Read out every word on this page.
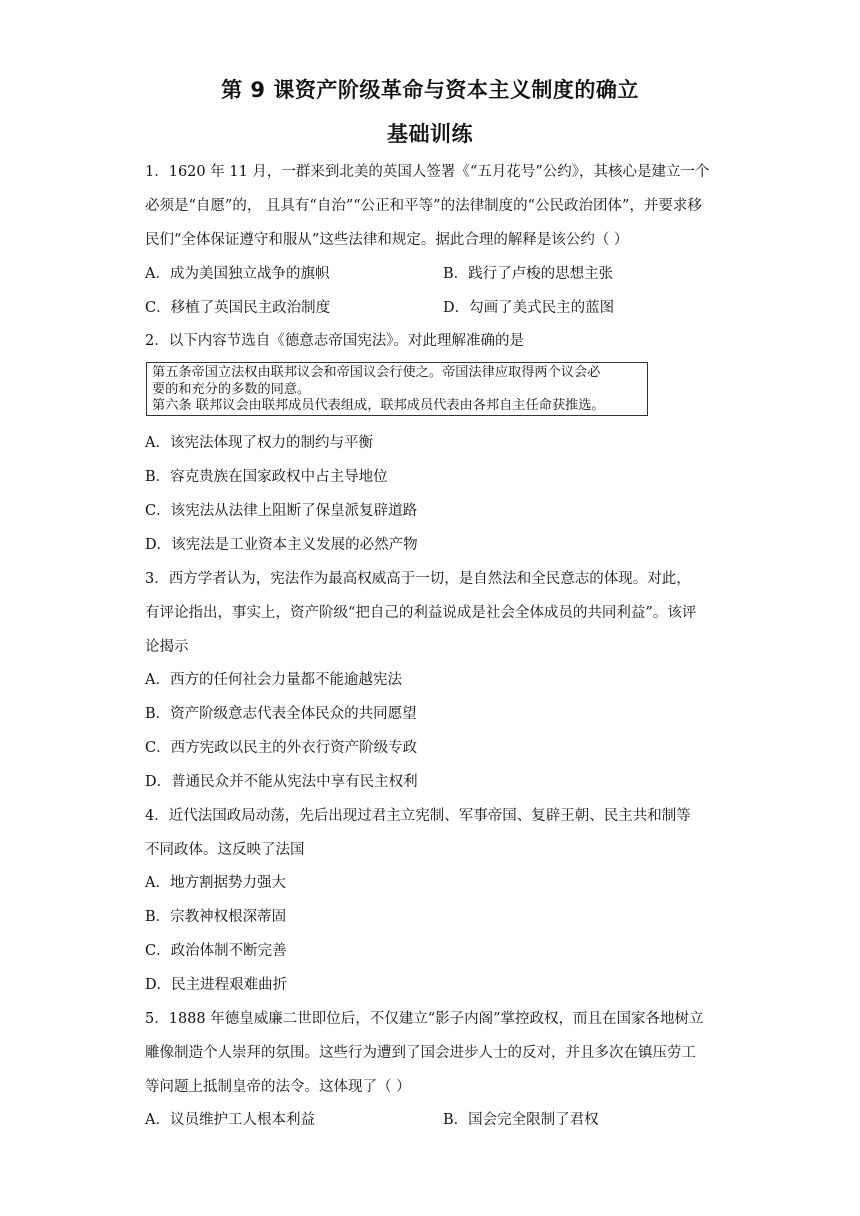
第 9 课资产阶级革命与资本主义制度的确立
基础训练
1．1620 年 11 月，一群来到北美的英国人签署《“五月花号”公约》，其核心是建立一个
必须是“自愿”的， 且具有“自治”“公正和平等”的法律制度的“公民政治团体”，并要求移
民们“全体保证遵守和服从”这些法律和规定。据此合理的解释是该公约（ ）
A．成为美国独立战争的旗帜	B．践行了卢梭的思想主张
C．移植了英国民主政治制度	D．勾画了美式民主的蓝图
2．以下内容节选自《德意志帝国宪法》。对此理解准确的是
第五条帝国立法权由联邦议会和帝国议会行使之。帝国法律应取得两个议会必
要的和充分的多数的同意。
第六条 联邦议会由联邦成员代表组成，联邦成员代表由各邦自主任命获推选。
A．该宪法体现了权力的制约与平衡
B．容克贵族在国家政权中占主导地位
C．该宪法从法律上阻断了保皇派复辟道路
D．该宪法是工业资本主义发展的必然产物
3．西方学者认为，宪法作为最高权威高于一切，是自然法和全民意志的体现。对此，
有评论指出，事实上，资产阶级“把自己的利益说成是社会全体成员的共同利益”。该评
论揭示
A．西方的任何社会力量都不能逾越宪法
B．资产阶级意志代表全体民众的共同愿望
C．西方宪政以民主的外衣行资产阶级专政
D．普通民众并不能从宪法中享有民主权利
4．近代法国政局动荡，先后出现过君主立宪制、军事帝国、复辟王朝、民主共和制等
不同政体。这反映了法国
A．地方割据势力强大
B．宗教神权根深蒂固
C．政治体制不断完善
D．民主进程艰难曲折
5．1888 年德皇威廉二世即位后，不仅建立“影子内阁”掌控政权，而且在国家各地树立
雕像制造个人崇拜的氛围。这些行为遭到了国会进步人士的反对，并且多次在镇压劳工
等问题上抵制皇帝的法令。这体现了（ ）
A．议员维护工人根本利益	B．国会完全限制了君权
